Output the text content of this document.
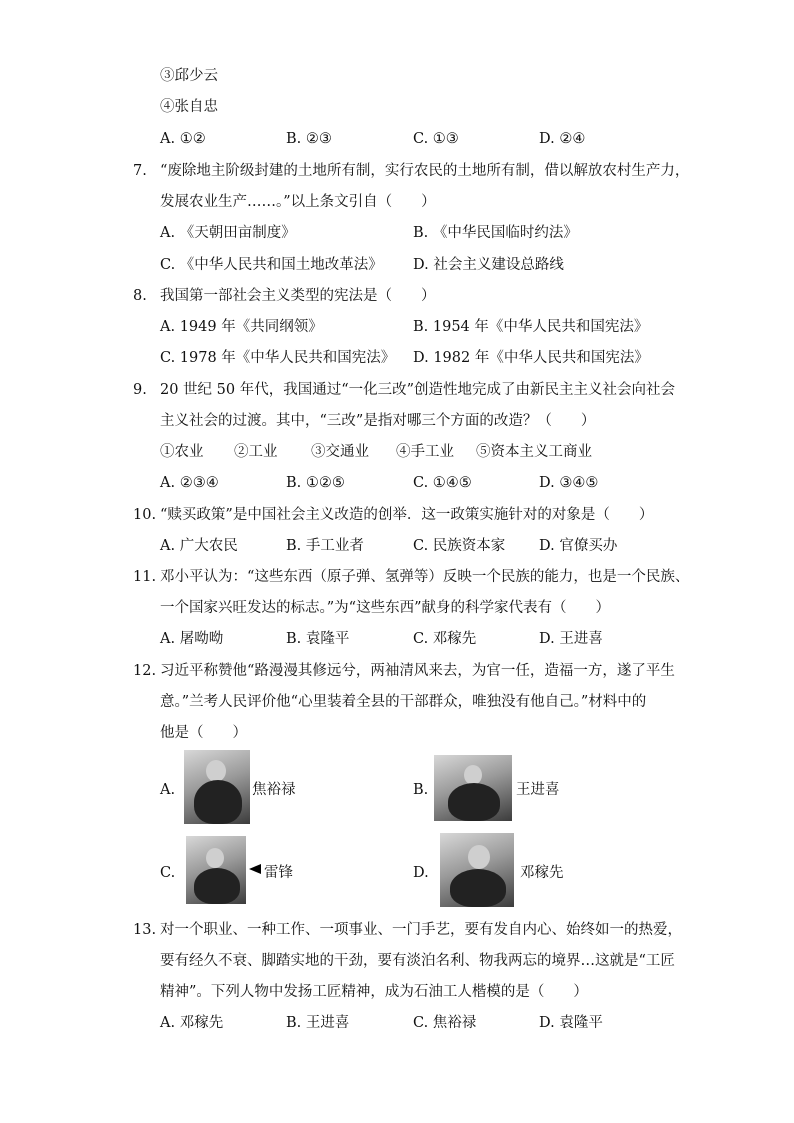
③邱少云
④张自忠
A. ①②	B. ②③	C. ①③	D. ②④
7. “废除地主阶级封建的土地所有制，实行农民的土地所有制，借以解放农村生产力，
发展农业生产……。”以上条文引自（　　）
A. 《天朝田亩制度》	B. 《中华民国临时约法》
C. 《中华人民共和国土地改革法》 D. 社会主义建设总路线
8. 我国第一部社会主义类型的宪法是（　　）
A. 1949 年《共同纲领》	B. 1954 年《中华人民共和国宪法》
C. 1978 年《中华人民共和国宪法》 D. 1982 年《中华人民共和国宪法》
9. 20 世纪 50 年代，我国通过“一化三改”创造性地完成了由新民主主义社会向社会
主义社会的过渡。其中，“三改”是指对哪三个方面的改造？（　　）
①农业 ②工业 ③交通业 ④手工业 ⑤资本主义工商业
A. ②③④	B. ①②⑤	C. ①④⑤	D. ③④⑤
10. “赎买政策”是中国社会主义改造的创举．这一政策实施针对的对象是（　　）
A. 广大农民	B. 手工业者	C. 民族资本家 D. 官僚买办
11. 邓小平认为：“这些东西（原子弹、氢弹等）反映一个民族的能力，也是一个民族、
一个国家兴旺发达的标志。”为“这些东西”献身的科学家代表有（　　）
A. 屠呦呦	B. 袁隆平	C. 邓稼先	D. 王进喜
12. 习近平称赞他“路漫漫其修远兮，两袖清风来去，为官一任，造福一方，遂了平生
意。”兰考人民评价他“心里装着全县的干部群众，唯独没有他自己。”材料中的
他是（　　）
A.	焦裕禄	B.	王进喜
C.	雷锋	D.	邓稼先
13. 对一个职业、一种工作、一项事业、一门手艺，要有发自内心、始终如一的热爱，
要有经久不衰、脚踏实地的干劲，要有淡泊名利、物我两忘的境界…这就是“工匠
精神”。下列人物中发扬工匠精神，成为石油工人楷模的是（　　）
A. 邓稼先	B. 王进喜	C. 焦裕禄	D. 袁隆平
